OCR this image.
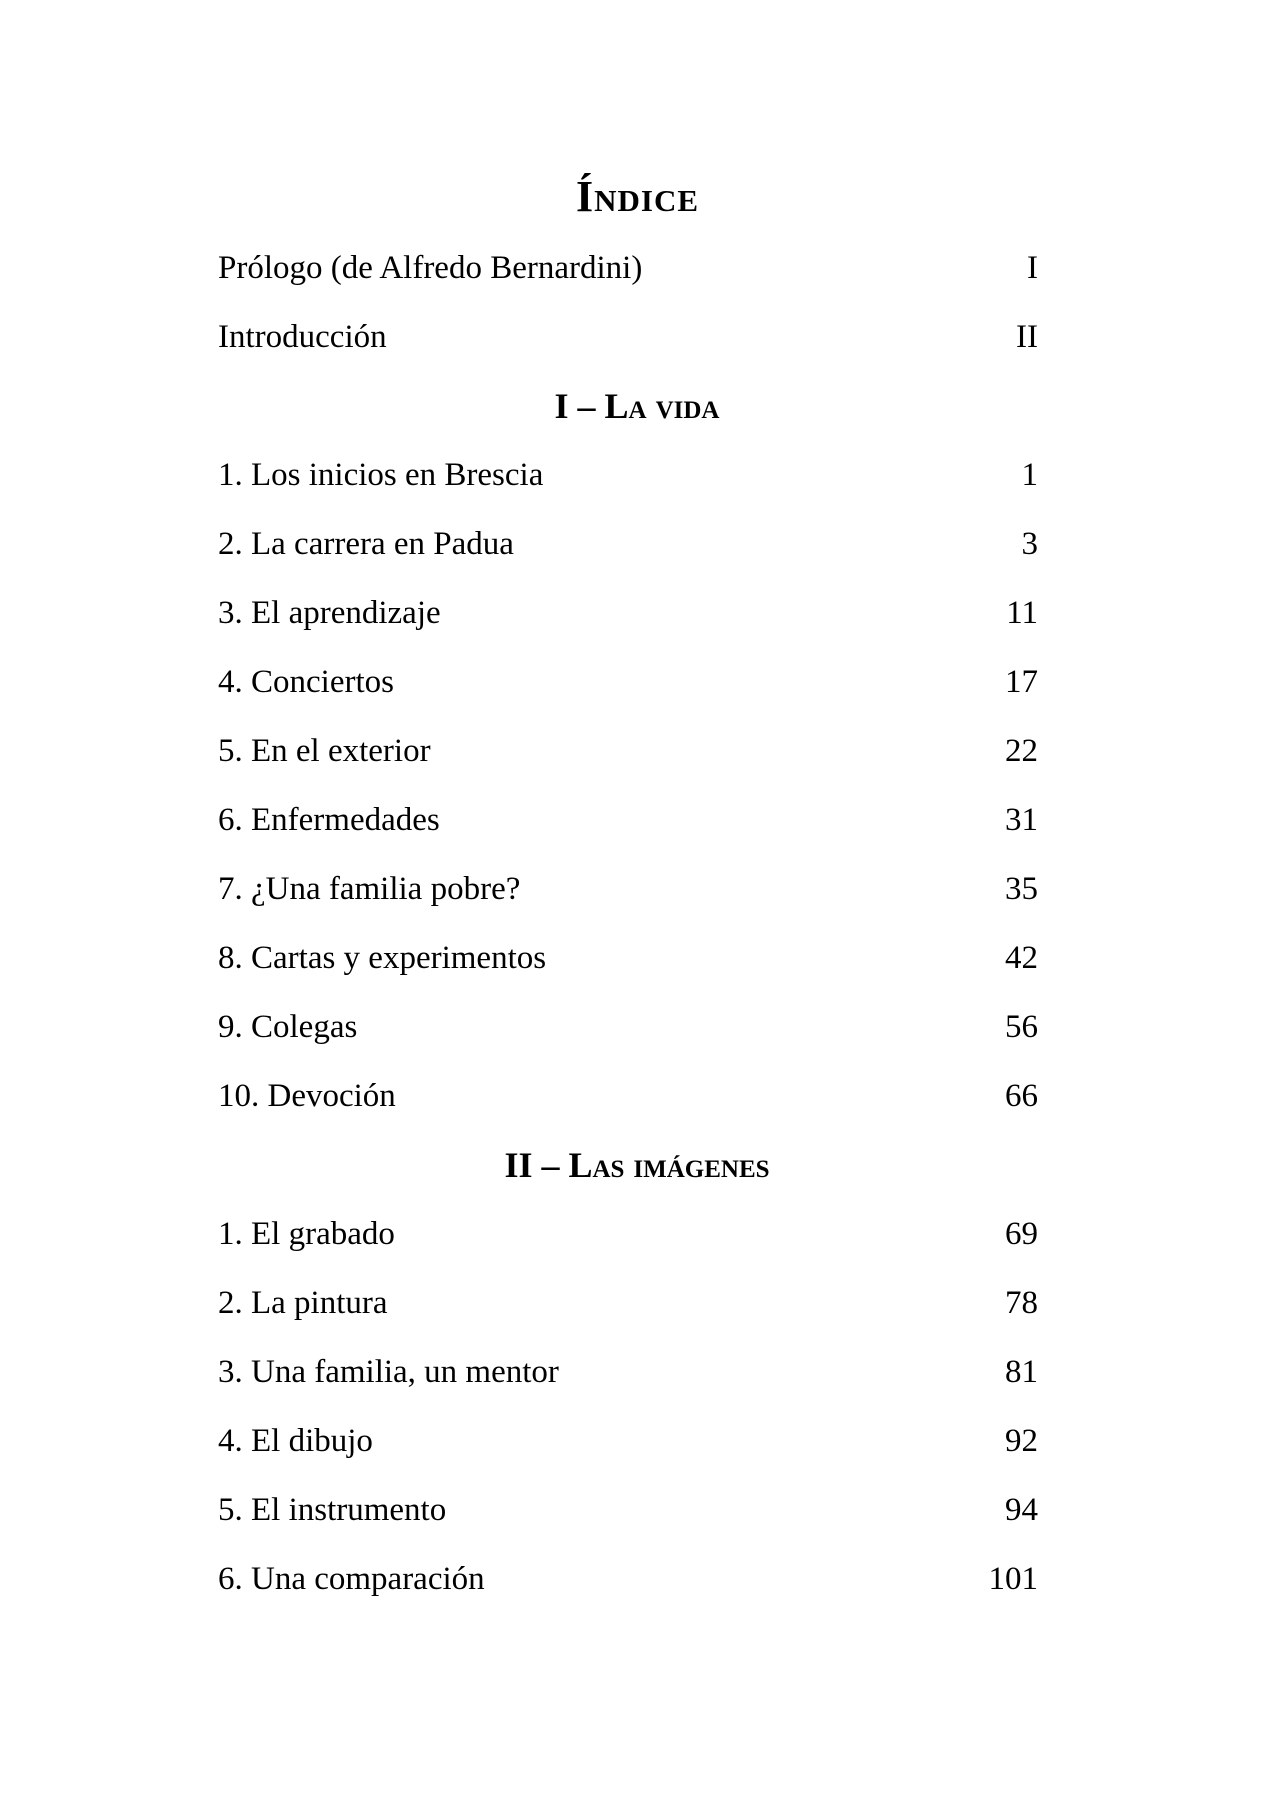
Índice
Prólogo (de Alfredo Bernardini)	I
Introducción	II
I – La vida
1. Los inicios en Brescia	1
2. La carrera en Padua	3
3. El aprendizaje	11
4. Conciertos	17
5. En el exterior	22
6. Enfermedades	31
7. ¿Una familia pobre?	35
8. Cartas y experimentos	42
9. Colegas	56
10. Devoción	66
II – Las imágenes
1. El grabado	69
2. La pintura	78
3. Una familia, un mentor	81
4. El dibujo	92
5. El instrumento	94
6. Una comparación	101
